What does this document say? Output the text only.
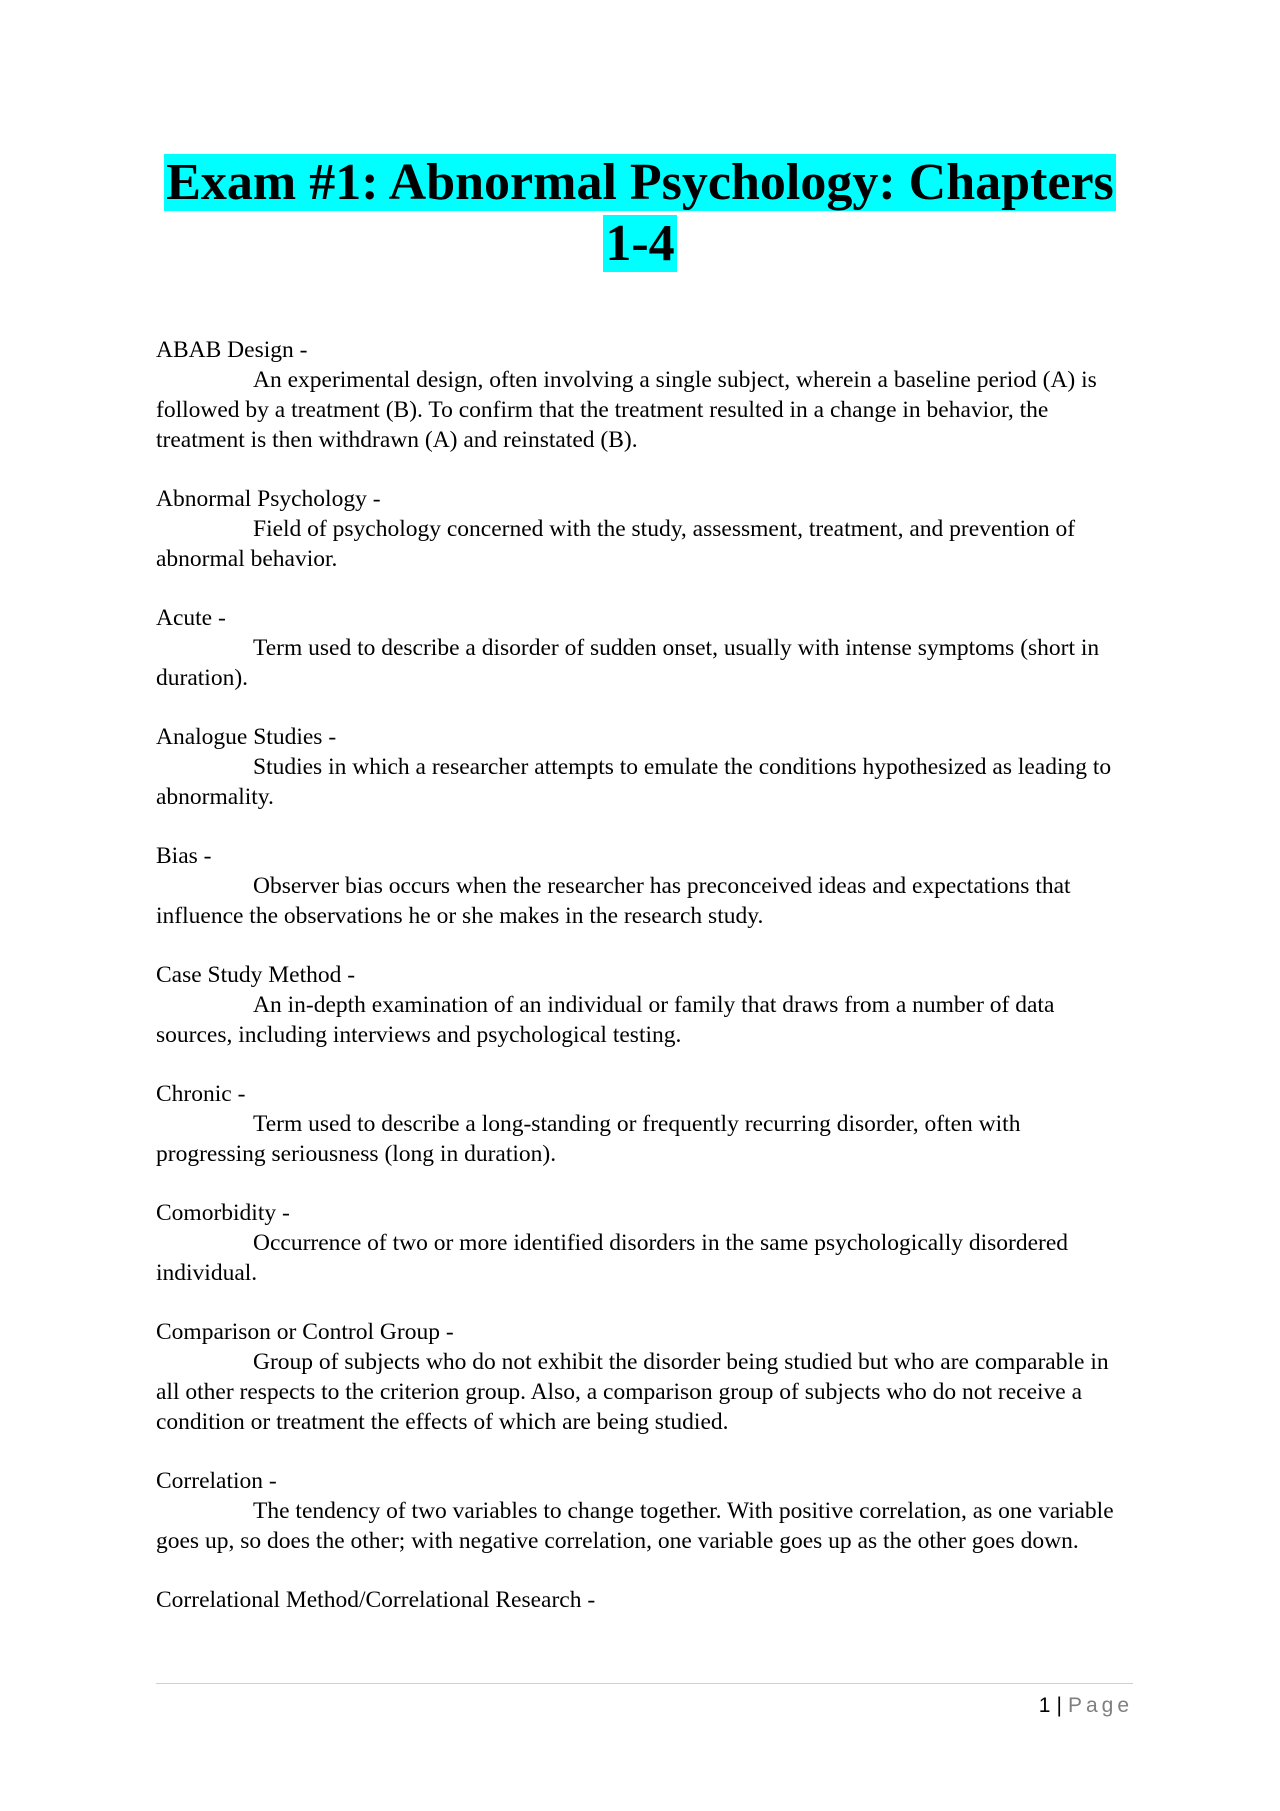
Exam #1: Abnormal Psychology: Chapters
1-4
ABAB Design -
An experimental design, often involving a single subject, wherein a baseline period (A) is followed by a treatment (B). To confirm that the treatment resulted in a change in behavior, the treatment is then withdrawn (A) and reinstated (B).
Abnormal Psychology -
Field of psychology concerned with the study, assessment, treatment, and prevention of abnormal behavior.
Acute -
Term used to describe a disorder of sudden onset, usually with intense symptoms (short in duration).
Analogue Studies -
Studies in which a researcher attempts to emulate the conditions hypothesized as leading to abnormality.
Bias -
Observer bias occurs when the researcher has preconceived ideas and expectations that influence the observations he or she makes in the research study.
Case Study Method -
An in-depth examination of an individual or family that draws from a number of data sources, including interviews and psychological testing.
Chronic -
Term used to describe a long-standing or frequently recurring disorder, often with progressing seriousness (long in duration).
Comorbidity -
Occurrence of two or more identified disorders in the same psychologically disordered individual.
Comparison or Control Group -
Group of subjects who do not exhibit the disorder being studied but who are comparable in all other respects to the criterion group. Also, a comparison group of subjects who do not receive a condition or treatment the effects of which are being studied.
Correlation -
The tendency of two variables to change together. With positive correlation, as one variable goes up, so does the other; with negative correlation, one variable goes up as the other goes down.
Correlational Method/Correlational Research -
1 | Page
